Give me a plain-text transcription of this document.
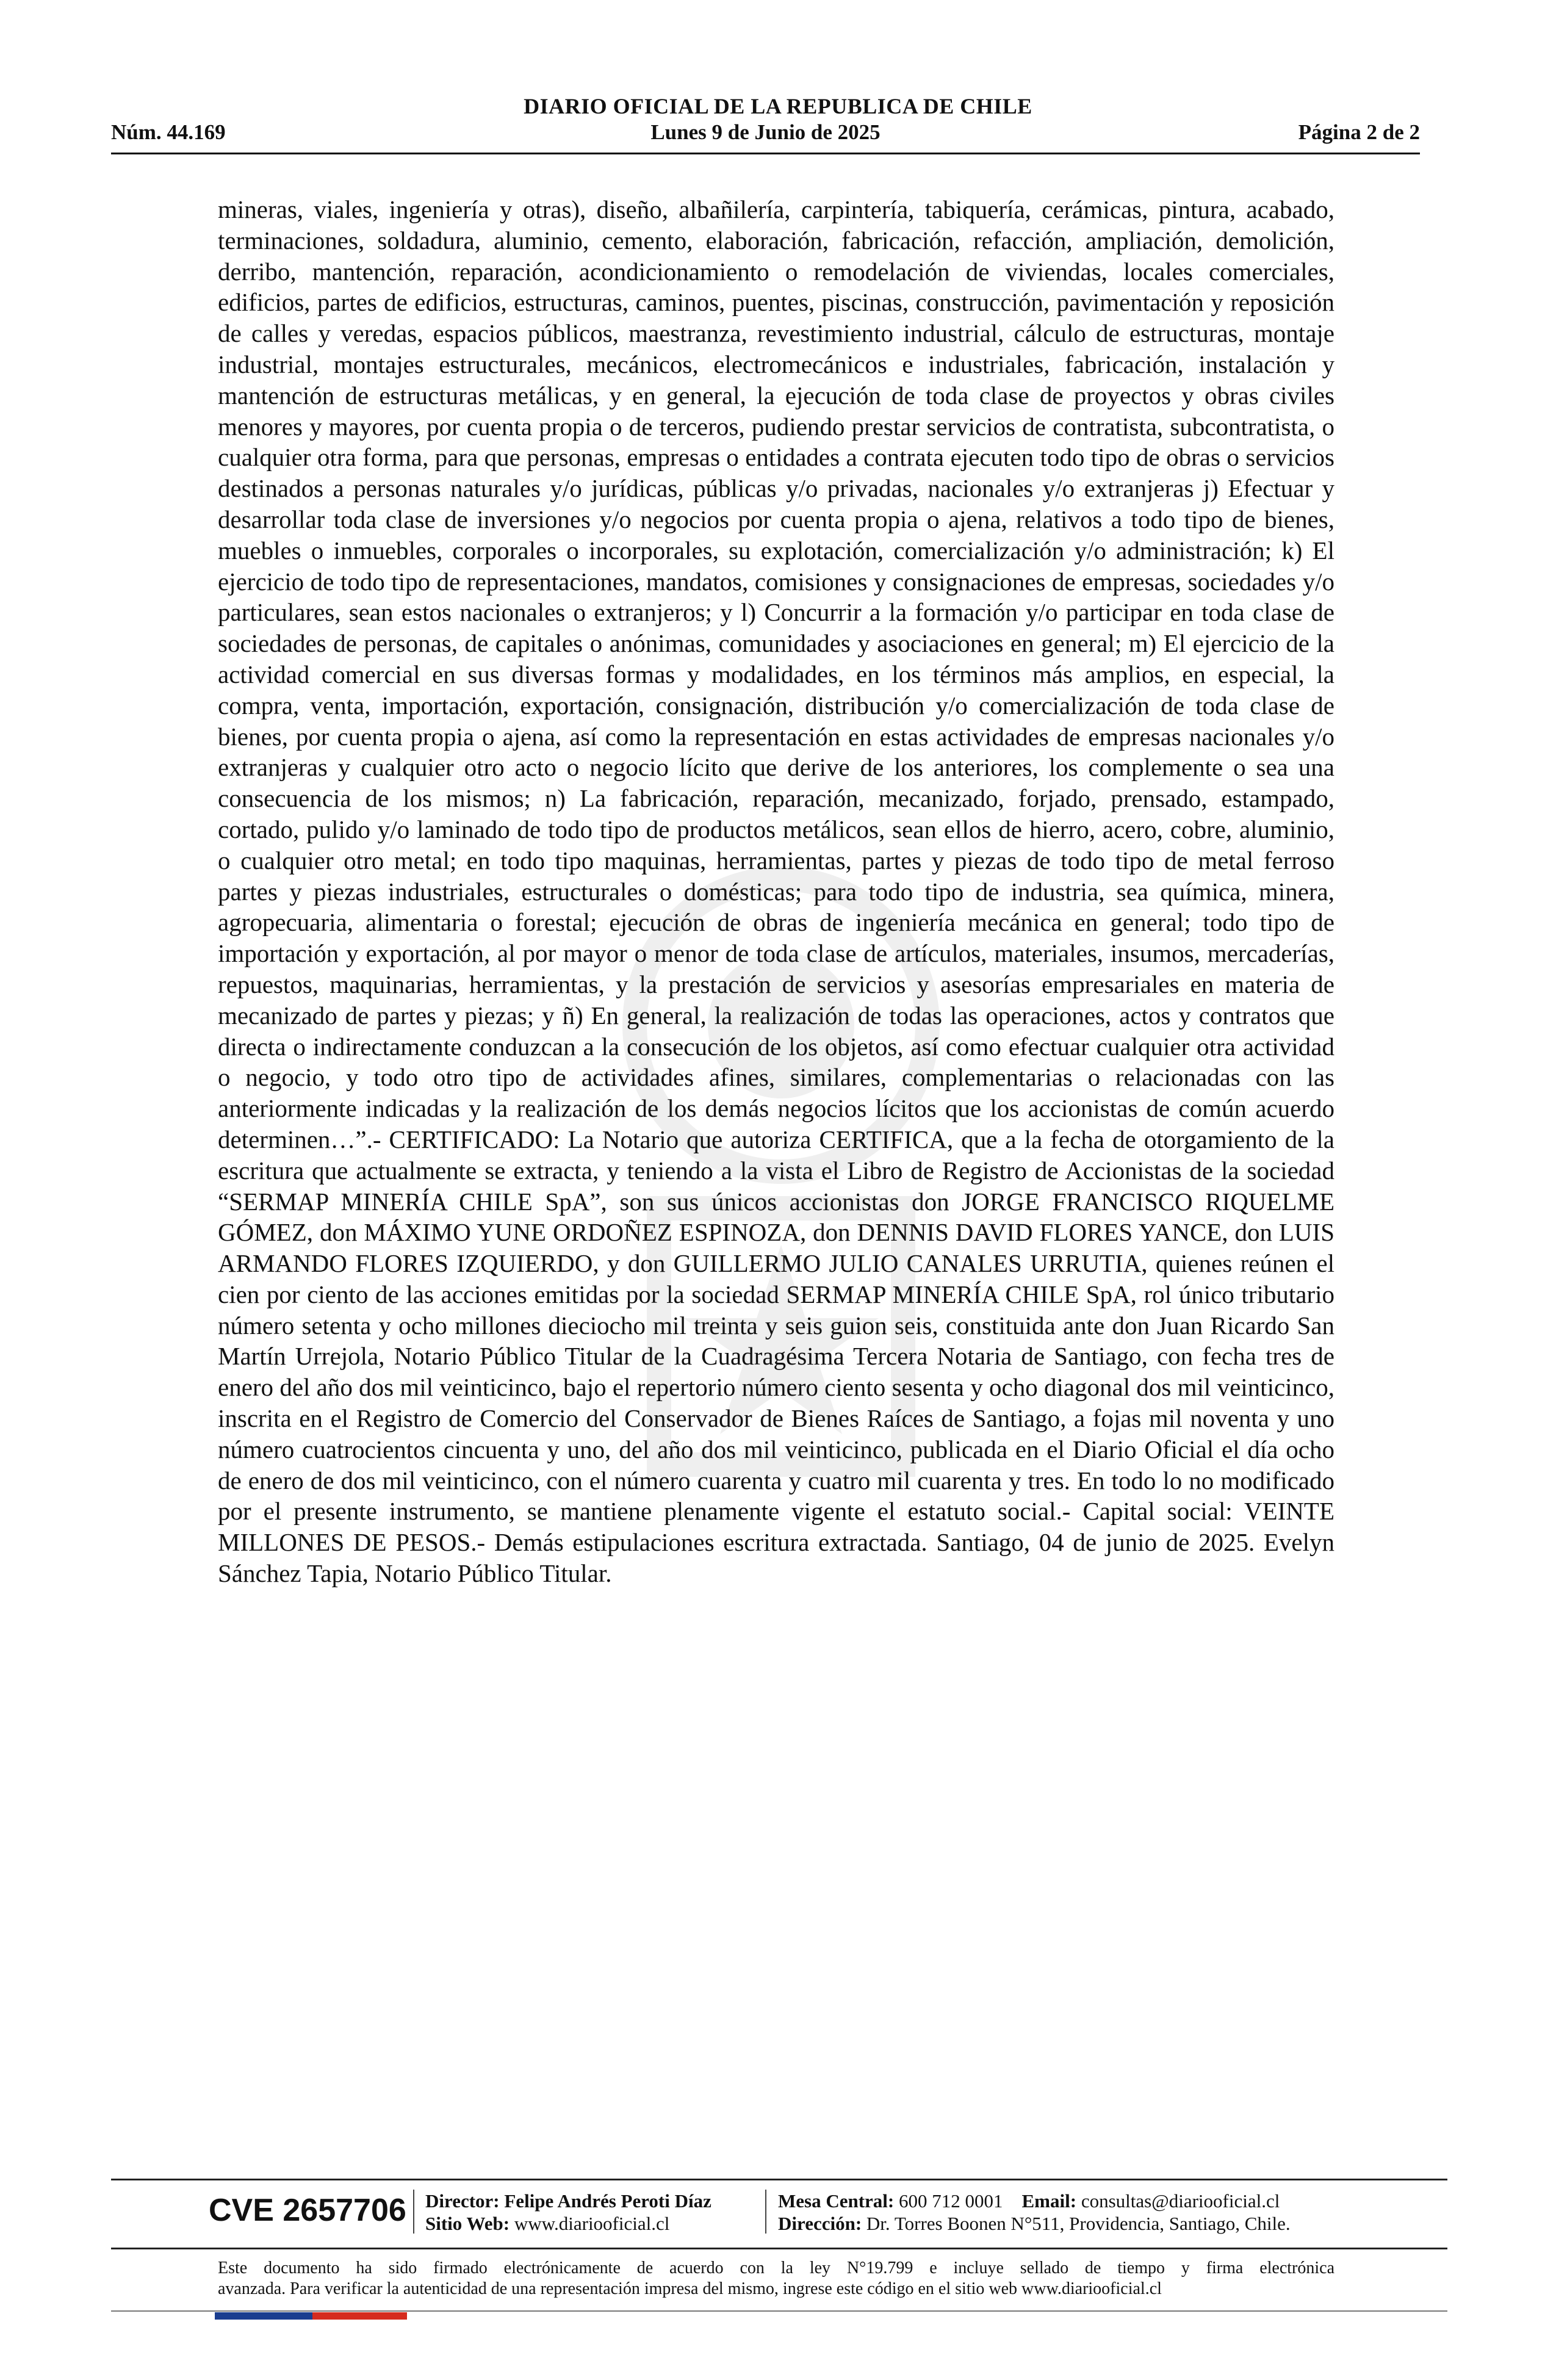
DIARIO OFICIAL DE LA REPUBLICA DE CHILE
Lunes 9 de Junio de 2025
Núm. 44.169	Página 2 de 2
mineras, viales, ingeniería y otras), diseño, albañilería, carpintería, tabiquería, cerámicas, pintura, acabado, terminaciones, soldadura, aluminio, cemento, elaboración, fabricación, refacción, ampliación, demolición, derribo, mantención, reparación, acondicionamiento o remodelación de viviendas, locales comerciales, edificios, partes de edificios, estructuras, caminos, puentes, piscinas, construcción, pavimentación y reposición de calles y veredas, espacios públicos, maestranza, revestimiento industrial, cálculo de estructuras, montaje industrial, montajes estructurales, mecánicos, electromecánicos e industriales, fabricación, instalación y mantención de estructuras metálicas, y en general, la ejecución de toda clase de proyectos y obras civiles menores y mayores, por cuenta propia o de terceros, pudiendo prestar servicios de contratista, subcontratista, o cualquier otra forma, para que personas, empresas o entidades a contrata ejecuten todo tipo de obras o servicios destinados a personas naturales y/o jurídicas, públicas y/o privadas, nacionales y/o extranjeras j) Efectuar y desarrollar toda clase de inversiones y/o negocios por cuenta propia o ajena, relativos a todo tipo de bienes, muebles o inmuebles, corporales o incorporales, su explotación, comercialización y/o administración; k) El ejercicio de todo tipo de representaciones, mandatos, comisiones y consignaciones de empresas, sociedades y/o particulares, sean estos nacionales o extranjeros; y l) Concurrir a la formación y/o participar en toda clase de sociedades de personas, de capitales o anónimas, comunidades y asociaciones en general; m) El ejercicio de la actividad comercial en sus diversas formas y modalidades, en los términos más amplios, en especial, la compra, venta, importación, exportación, consignación, distribución y/o comercialización de toda clase de bienes, por cuenta propia o ajena, así como la representación en estas actividades de empresas nacionales y/o extranjeras y cualquier otro acto o negocio lícito que derive de los anteriores, los complemente o sea una consecuencia de los mismos; n) La fabricación, reparación, mecanizado, forjado, prensado, estampado, cortado, pulido y/o laminado de todo tipo de productos metálicos, sean ellos de hierro, acero, cobre, aluminio, o cualquier otro metal; en todo tipo maquinas, herramientas, partes y piezas de todo tipo de metal ferroso partes y piezas industriales, estructurales o domésticas; para todo tipo de industria, sea química, minera, agropecuaria, alimentaria o forestal; ejecución de obras de ingeniería mecánica en general; todo tipo de importación y exportación, al por mayor o menor de toda clase de artículos, materiales, insumos, mercaderías, repuestos, maquinarias, herramientas, y la prestación de servicios y asesorías empresariales en materia de mecanizado de partes y piezas; y ñ) En general, la realización de todas las operaciones, actos y contratos que directa o indirectamente conduzcan a la consecución de los objetos, así como efectuar cualquier otra actividad o negocio, y todo otro tipo de actividades afines, similares, complementarias o relacionadas con las anteriormente indicadas y la realización de los demás negocios lícitos que los accionistas de común acuerdo determinen…”.- CERTIFICADO: La Notario que autoriza CERTIFICA, que a la fecha de otorgamiento de la escritura que actualmente se extracta, y teniendo a la vista el Libro de Registro de Accionistas de la sociedad “SERMAP MINERÍA CHILE SpA”, son sus únicos accionistas don JORGE FRANCISCO RIQUELME GÓMEZ, don MÁXIMO YUNE ORDOÑEZ ESPINOZA, don DENNIS DAVID FLORES YANCE, don LUIS ARMANDO FLORES IZQUIERDO, y don GUILLERMO JULIO CANALES URRUTIA, quienes reúnen el cien por ciento de las acciones emitidas por la sociedad SERMAP MINERÍA CHILE SpA, rol único tributario número setenta y ocho millones dieciocho mil treinta y seis guion seis, constituida ante don Juan Ricardo San Martín Urrejola, Notario Público Titular de la Cuadragésima Tercera Notaria de Santiago, con fecha tres de enero del año dos mil veinticinco, bajo el repertorio número ciento sesenta y ocho diagonal dos mil veinticinco, inscrita en el Registro de Comercio del Conservador de Bienes Raíces de Santiago, a fojas mil noventa y uno número cuatrocientos cincuenta y uno, del año dos mil veinticinco, publicada en el Diario Oficial el día ocho de enero de dos mil veinticinco, con el número cuarenta y cuatro mil cuarenta y tres. En todo lo no modificado por el presente instrumento, se mantiene plenamente vigente el estatuto social.- Capital social: VEINTE MILLONES DE PESOS.- Demás estipulaciones escritura extractada. Santiago, 04 de junio de 2025. Evelyn Sánchez Tapia, Notario Público Titular.
CVE 2657706 Director: Felipe Andrés Peroti Díaz
Sitio Web: www.diariooficial.cl
Mesa Central: 600 712 0001 Email: consultas@diariooficial.cl
Dirección: Dr. Torres Boonen N°511, Providencia, Santiago, Chile.
Este documento ha sido firmado electrónicamente de acuerdo con la ley N°19.799 e incluye sellado de tiempo y firma electrónica
avanzada. Para verificar la autenticidad de una representación impresa del mismo, ingrese este código en el sitio web www.diariooficial.cl
